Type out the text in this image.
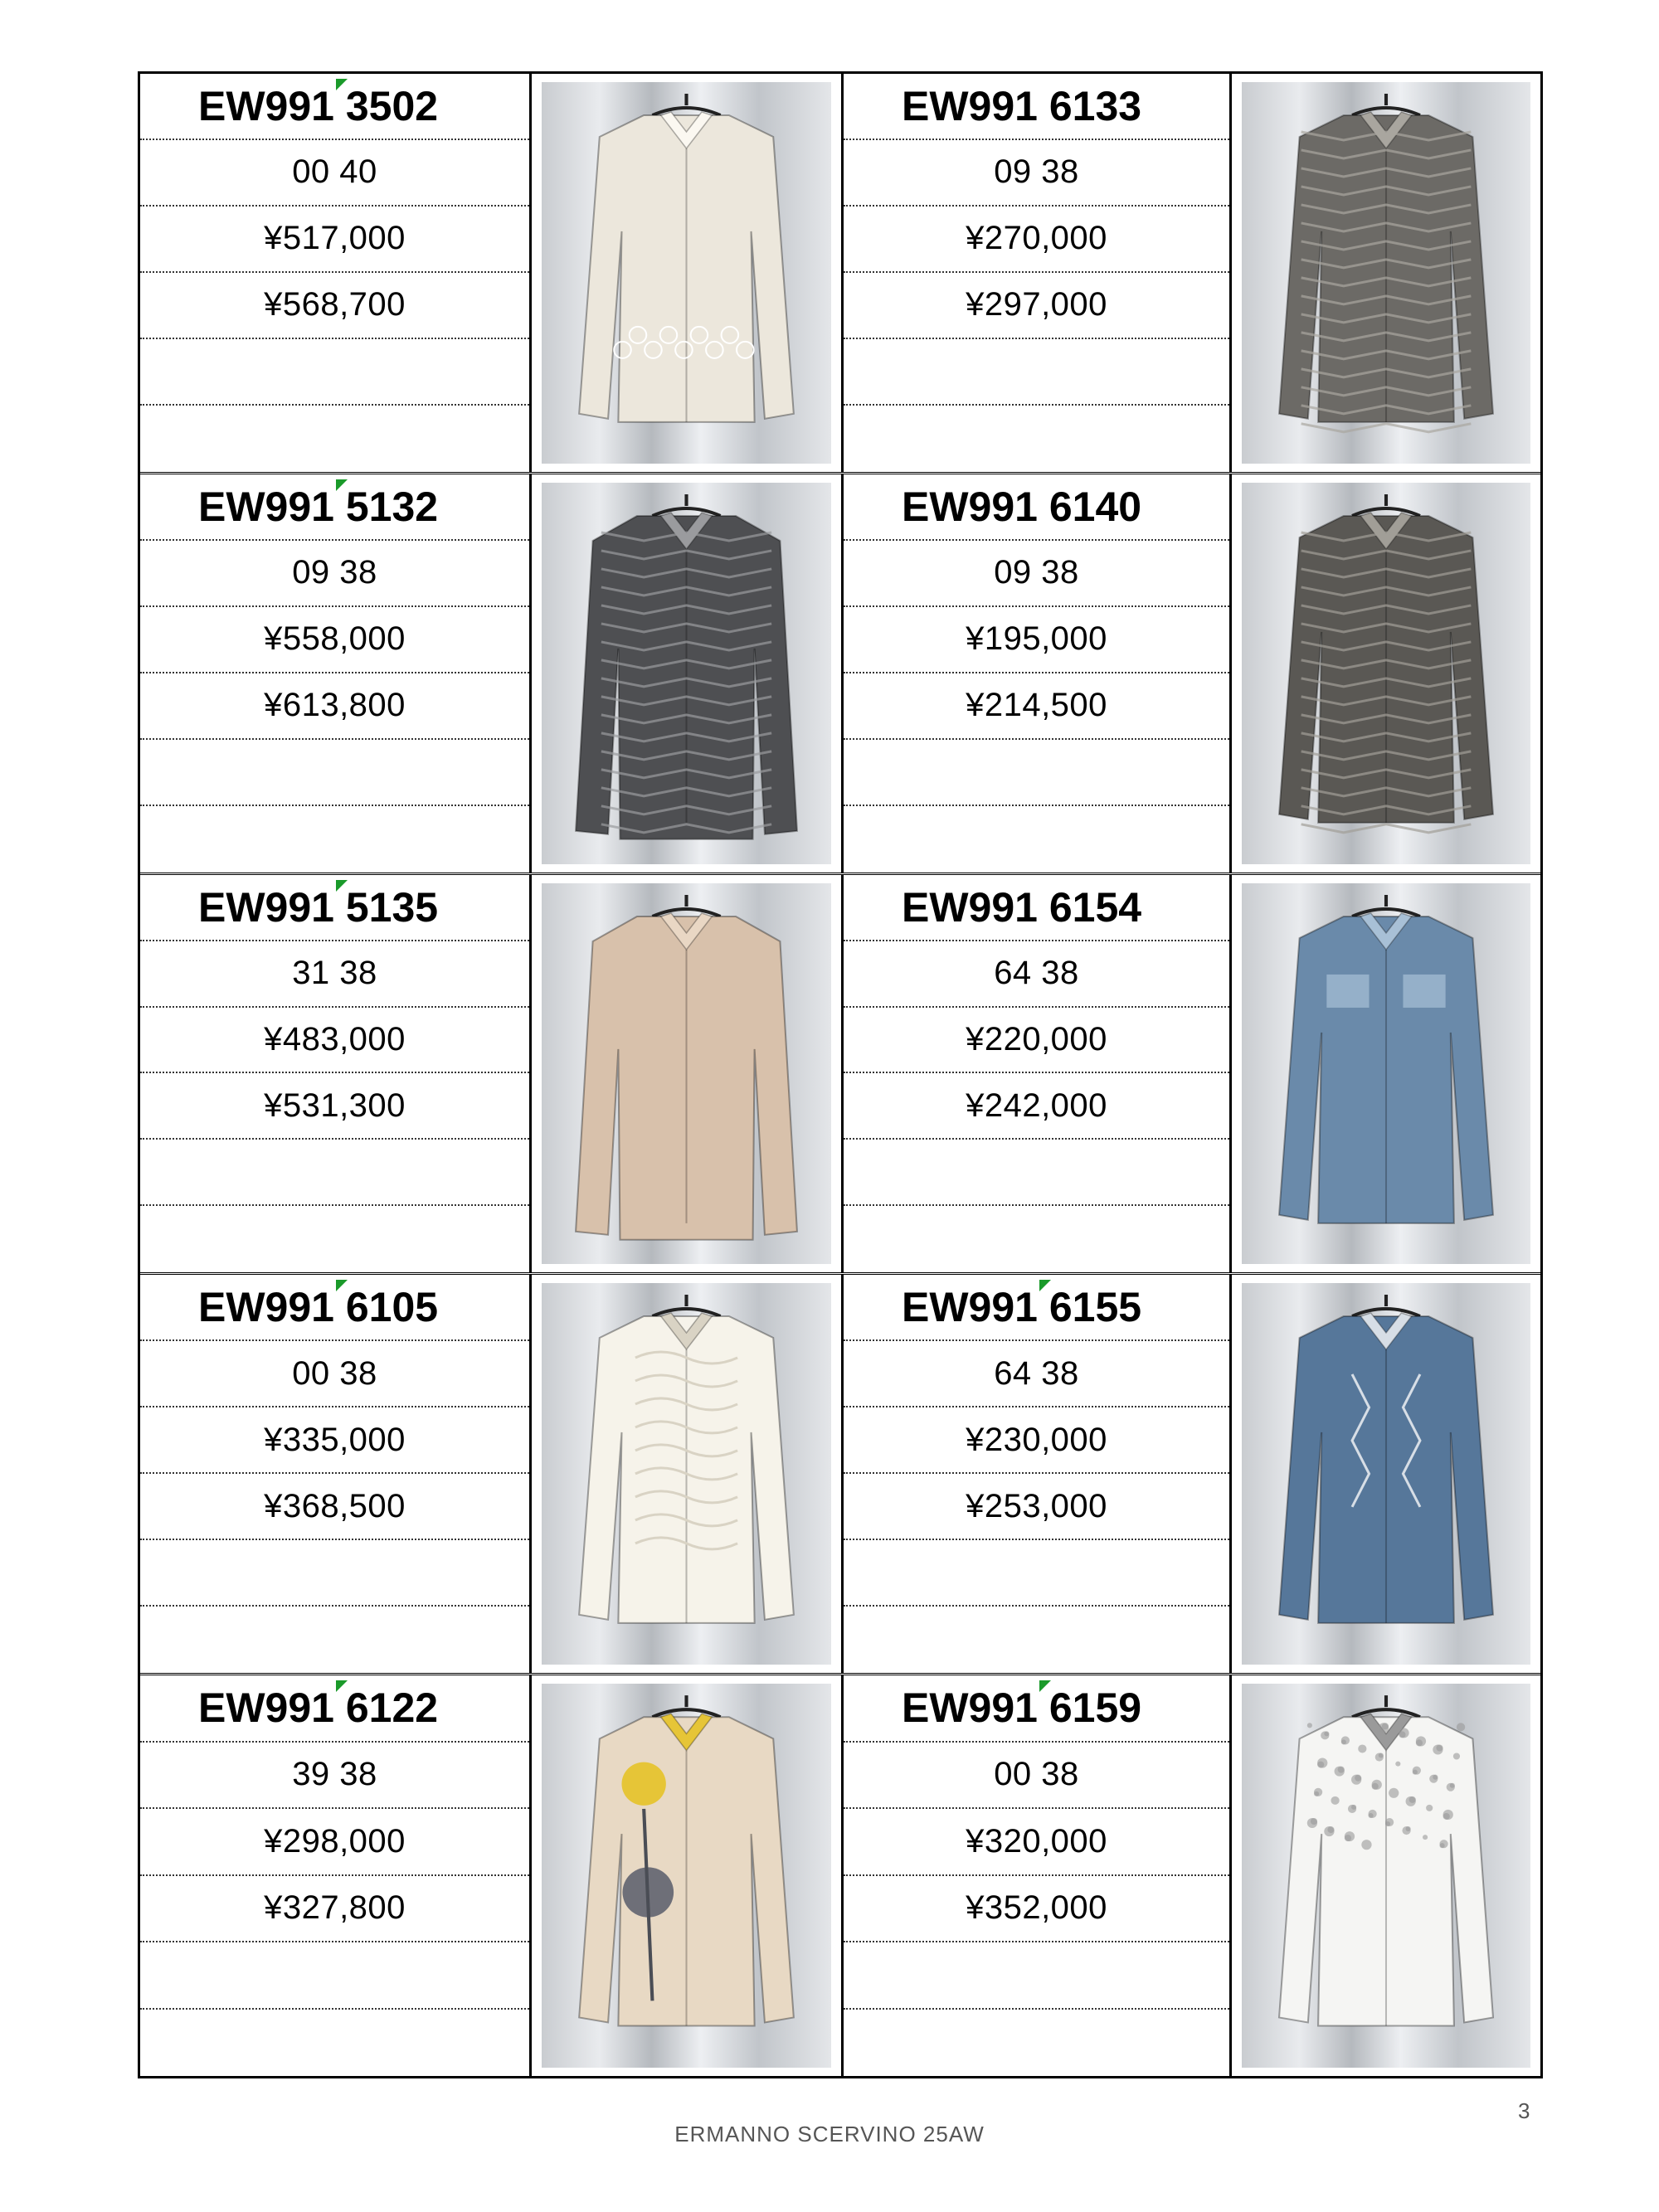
EW991 3502
00 40
¥517,000
¥568,700
EW991 6133
09 38
¥270,000
¥297,000
EW991 5132
09 38
¥558,000
¥613,800
EW991 6140
09 38
¥195,000
¥214,500
EW991 5135
31 38
¥483,000
¥531,300
EW991 6154
64 38
¥220,000
¥242,000
EW991 6105
00 38
¥335,000
¥368,500
EW991 6155
64 38
¥230,000
¥253,000
EW991 6122
39 38
¥298,000
¥327,800
EW991 6159
00 38
¥320,000
¥352,000
3
ERMANNO SCERVINO 25AW
